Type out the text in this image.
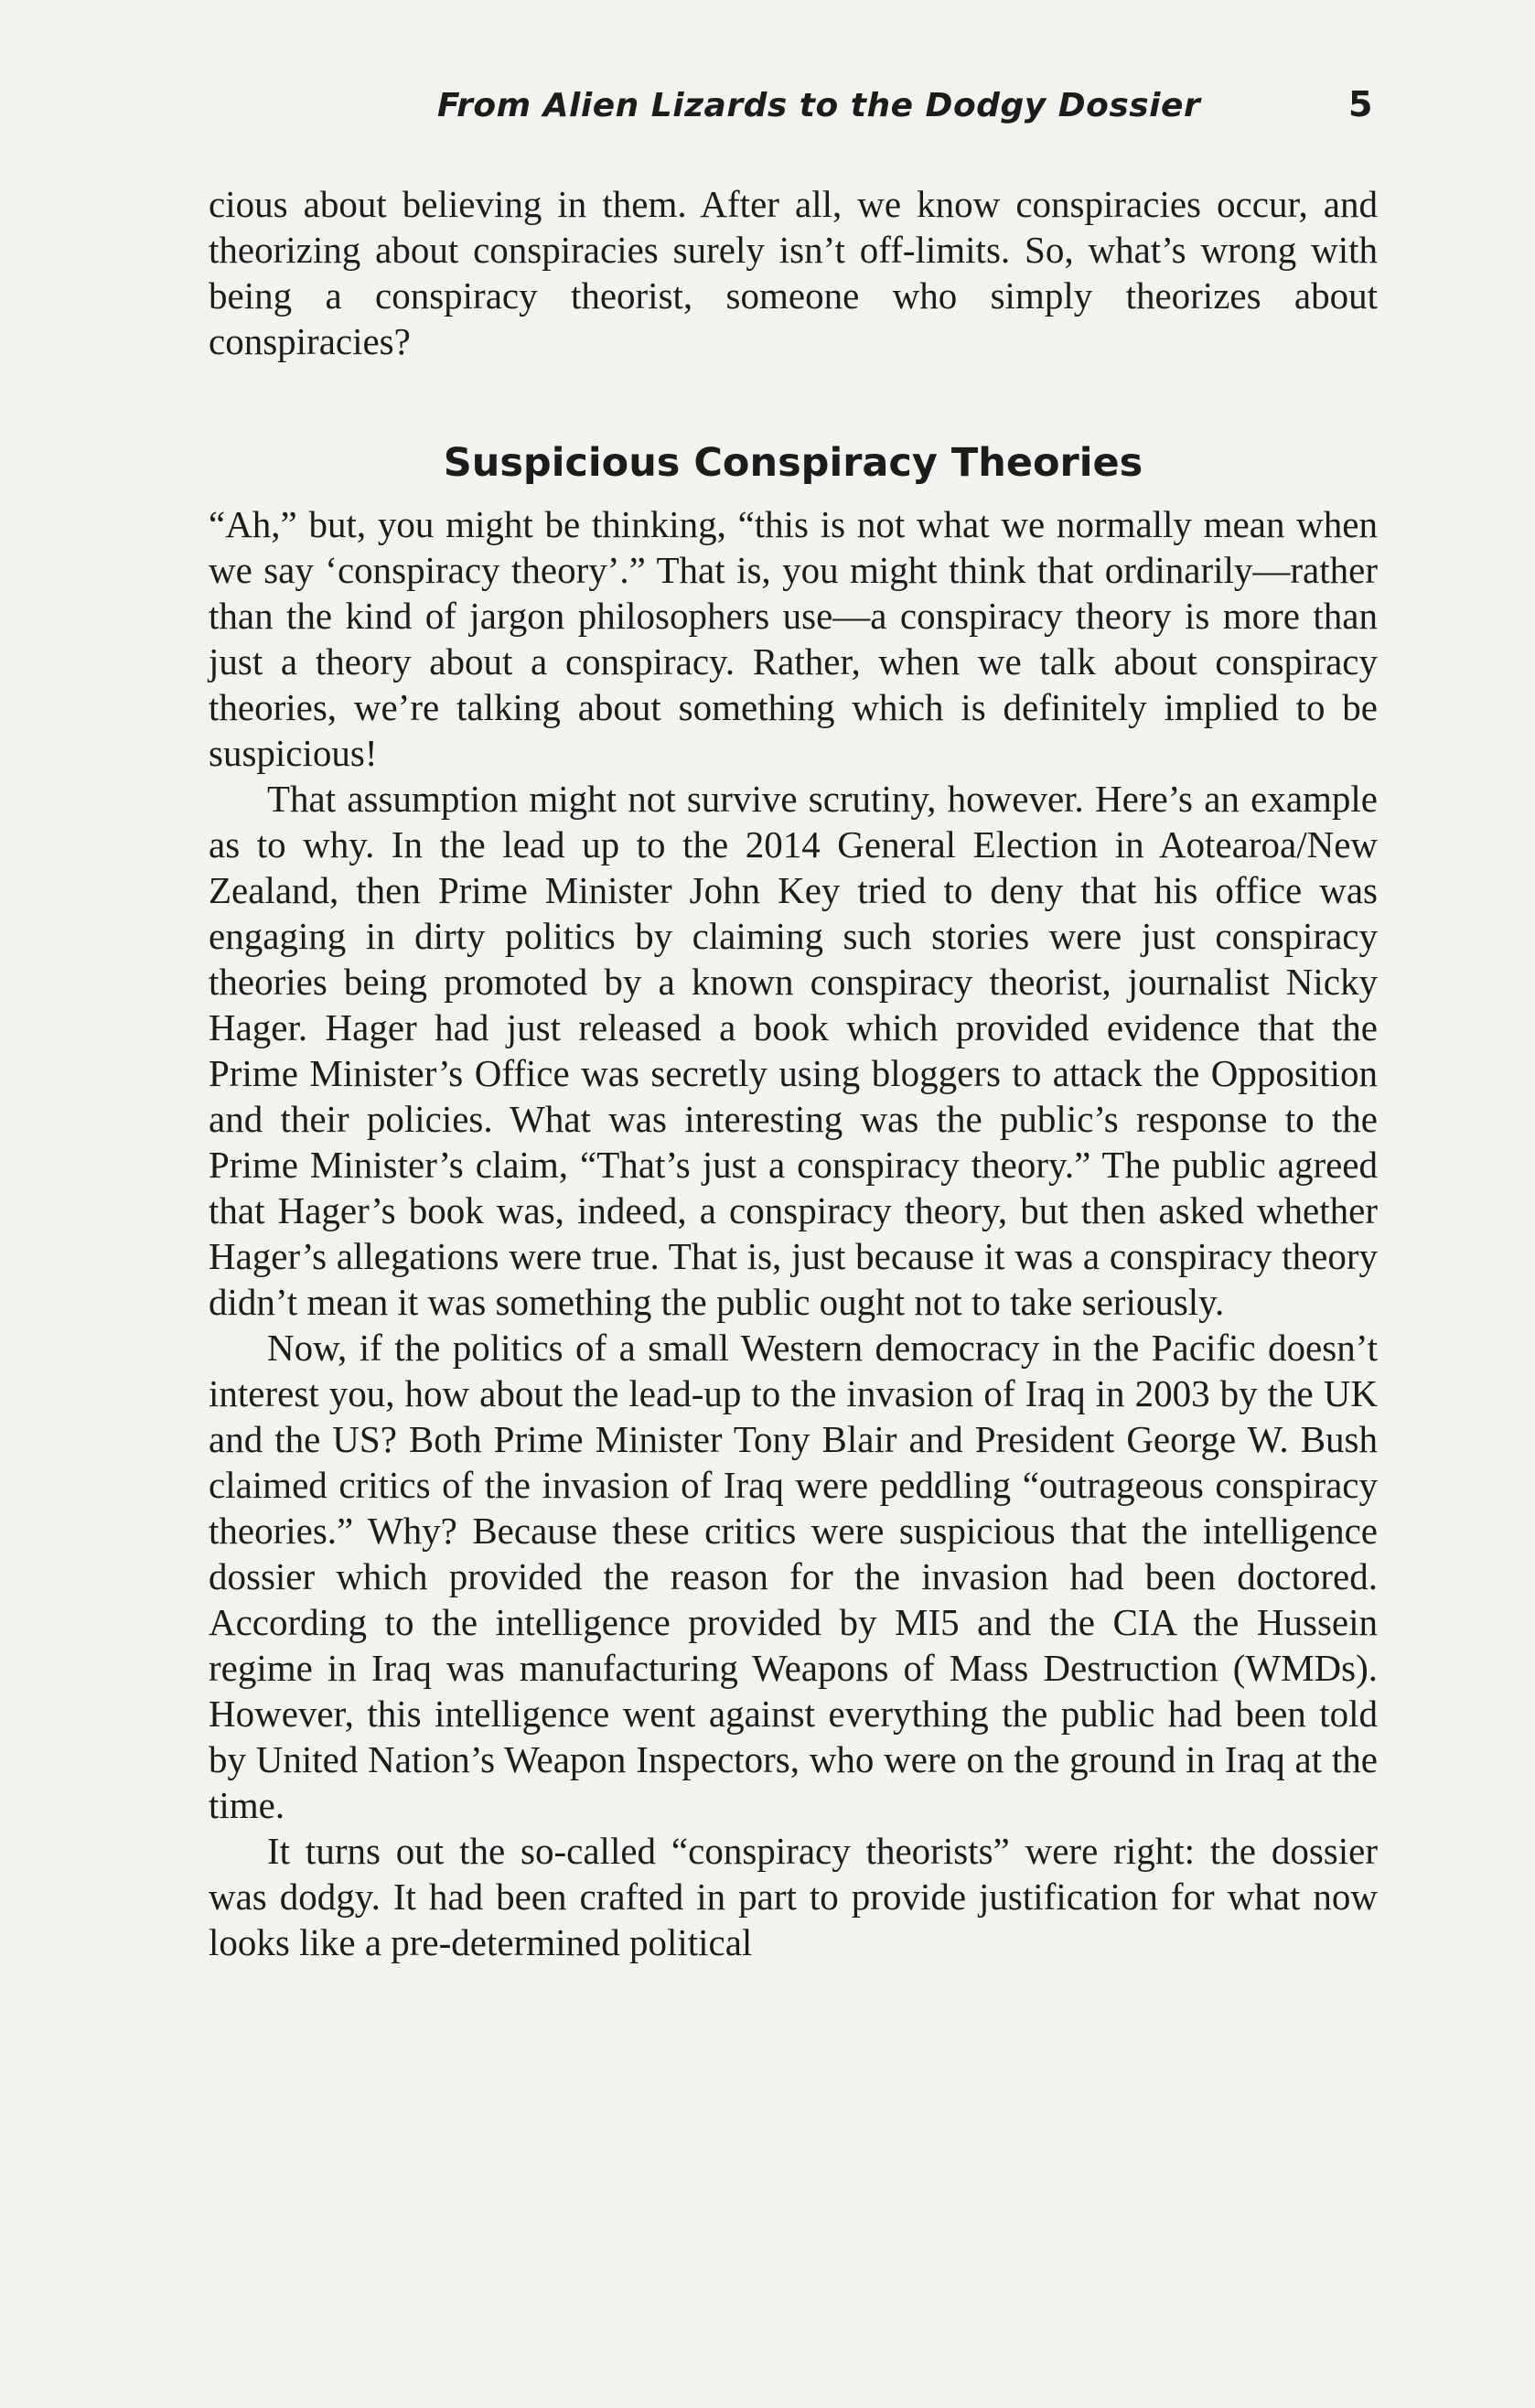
From Alien Lizards to the Dodgy Dossier	5

cious about believing in them. After all, we know conspiracies occur, and theorizing about conspiracies surely isn’t off-limits. So, what’s wrong with being a conspiracy theorist, someone who simply theorizes about conspiracies?

Suspicious Conspiracy Theories

“Ah,” but, you might be thinking, “this is not what we normally mean when we say ‘conspiracy theory’.” That is, you might think that ordinarily—rather than the kind of jargon philosophers use—a conspiracy theory is more than just a theory about a conspiracy. Rather, when we talk about conspiracy theories, we’re talking about something which is definitely implied to be suspicious!

That assumption might not survive scrutiny, however. Here’s an example as to why. In the lead up to the 2014 General Election in Aotearoa/New Zealand, then Prime Minister John Key tried to deny that his office was engaging in dirty politics by claiming such stories were just conspiracy theories being promoted by a known conspiracy theorist, journalist Nicky Hager. Hager had just released a book which provided evidence that the Prime Minister’s Office was secretly using bloggers to attack the Opposition and their policies. What was interesting was the public’s response to the Prime Minister’s claim, “That’s just a conspiracy theory.” The public agreed that Hager’s book was, indeed, a conspiracy theory, but then asked whether Hager’s allegations were true. That is, just because it was a conspiracy theory didn’t mean it was something the public ought not to take seriously.

Now, if the politics of a small Western democracy in the Pacific doesn’t interest you, how about the lead-up to the invasion of Iraq in 2003 by the UK and the US? Both Prime Minister Tony Blair and President George W. Bush claimed critics of the invasion of Iraq were peddling “outrageous conspiracy theories.” Why? Because these critics were suspicious that the intelligence dossier which provided the reason for the invasion had been doctored. According to the intelligence provided by MI5 and the CIA the Hussein regime in Iraq was manufacturing Weapons of Mass Destruction (WMDs). However, this intelligence went against everything the public had been told by United Nation’s Weapon Inspectors, who were on the ground in Iraq at the time.

It turns out the so-called “conspiracy theorists” were right: the dossier was dodgy. It had been crafted in part to provide justification for what now looks like a pre-determined political
